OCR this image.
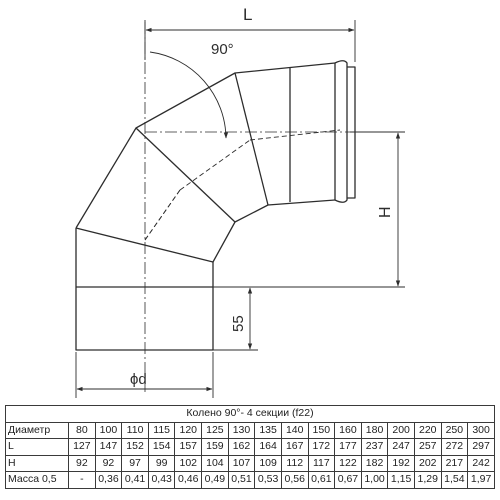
L
90°
H
55
ϕd
Колено 90°- 4 секции (f22)																
Диаметр	80	100	110	115	120	125	130	135	140	150	160	180	200	220	250	300
L	127	147	152	154	157	159	162	164	167	172	177	237	247	257	272	297
H	92	92	97	99	102	104	107	109	112	117	122	182	192	202	217	242
Масса 0,5	-	0,36	0,41	0,43	0,46	0,49	0,51	0,53	0,56	0,61	0,67	1,00	1,15	1,29	1,54	1,97
